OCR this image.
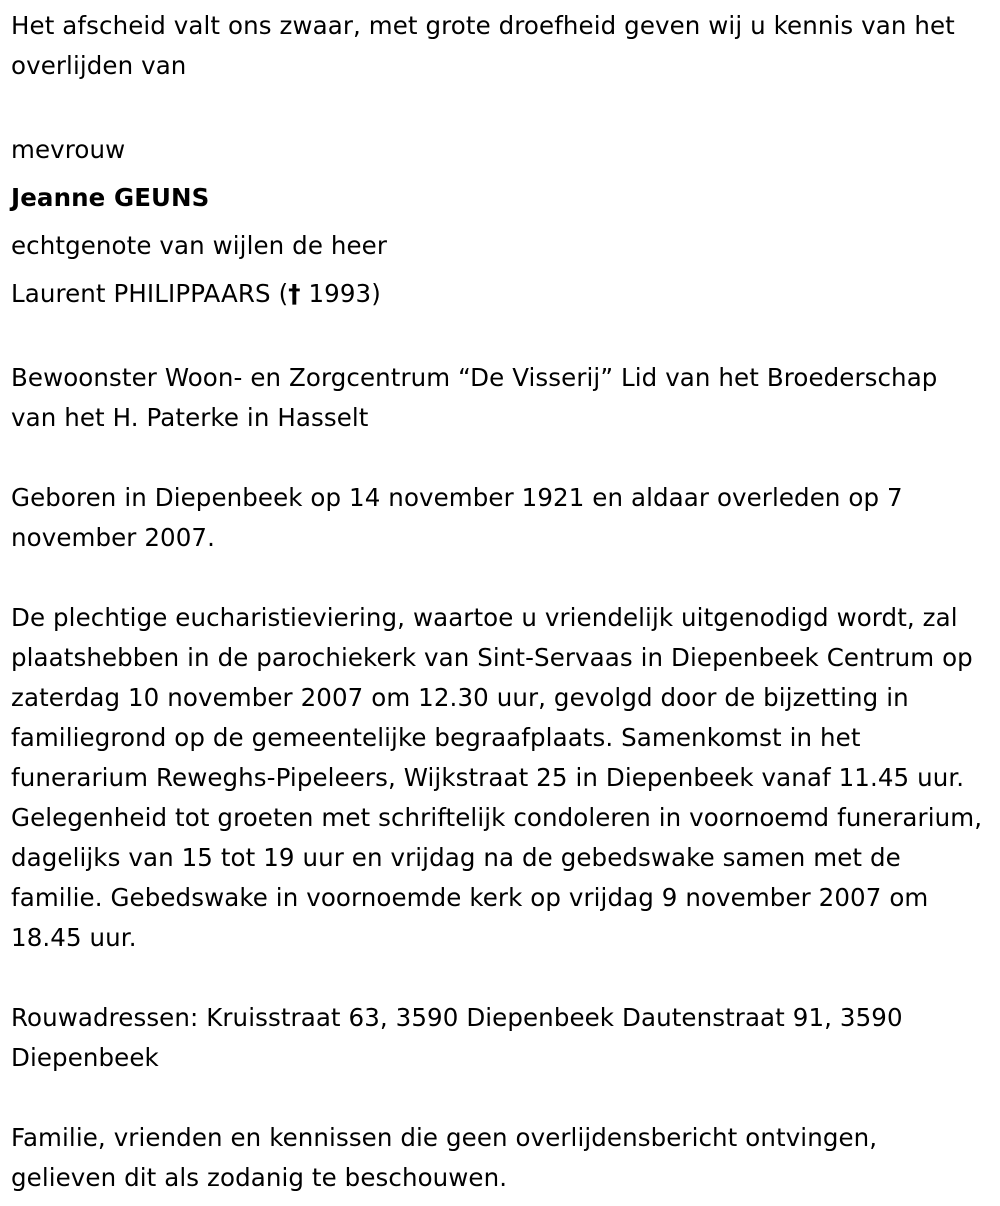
Het afscheid valt ons zwaar, met grote droefheid geven wij u kennis van het overlijden van

mevrouw

Jeanne GEUNS

echtgenote van wijlen de heer

Laurent PHILIPPAARS († 1993)

Bewoonster Woon- en Zorgcentrum “De Visserij” Lid van het Broederschap van het H. Paterke in Hasselt

Geboren in Diepenbeek op 14 november 1921 en aldaar overleden op 7 november 2007.

De plechtige eucharistieviering, waartoe u vriendelijk uitgenodigd wordt, zal plaatshebben in de parochiekerk van Sint-Servaas in Diepenbeek Centrum op zaterdag 10 november 2007 om 12.30 uur, gevolgd door de bijzetting in familiegrond op de gemeentelijke begraafplaats. Samenkomst in het funerarium Reweghs-Pipeleers, Wijkstraat 25 in Diepenbeek vanaf 11.45 uur. Gelegenheid tot groeten met schriftelijk condoleren in voornoemd funerarium, dagelijks van 15 tot 19 uur en vrijdag na de gebedswake samen met de familie. Gebedswake in voornoemde kerk op vrijdag 9 november 2007 om 18.45 uur.

Rouwadressen: Kruisstraat 63, 3590 Diepenbeek Dautenstraat 91, 3590 Diepenbeek

Familie, vrienden en kennissen die geen overlijdensbericht ontvingen, gelieven dit als zodanig te beschouwen.
